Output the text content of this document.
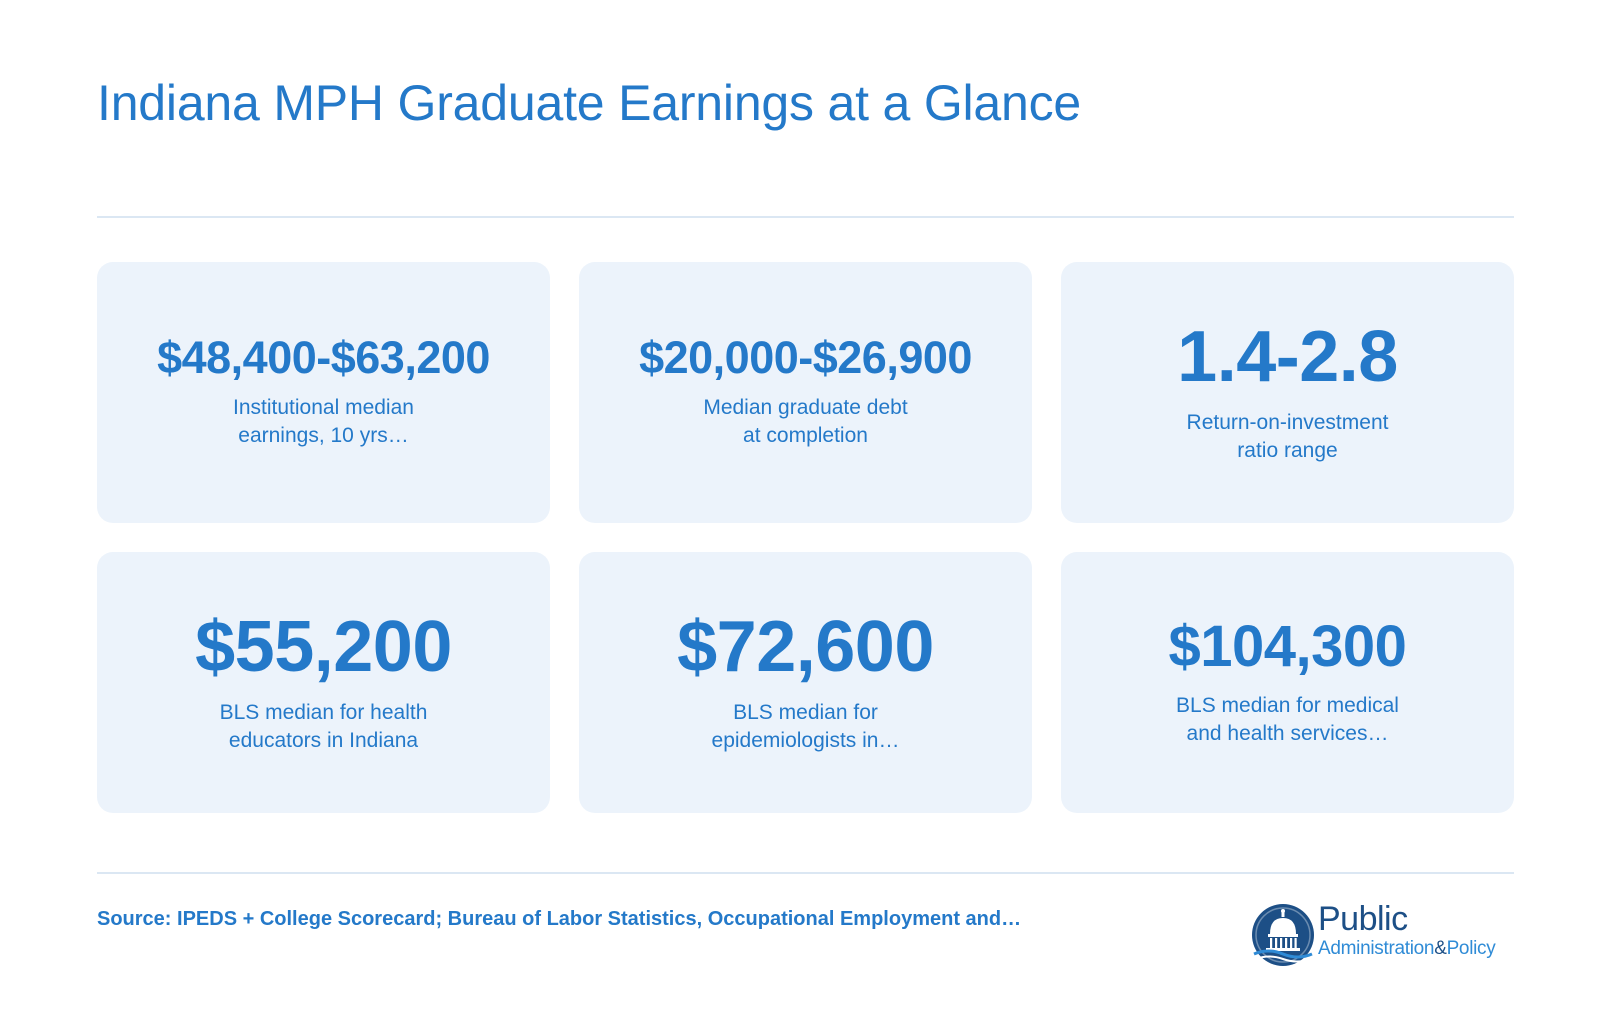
Indiana MPH Graduate Earnings at a Glance
$48,400-$63,200
Institutional median
earnings, 10 yrs…
$20,000-$26,900
Median graduate debt
at completion
1.4-2.8
Return-on-investment
ratio range
$55,200
BLS median for health
educators in Indiana
$72,600
BLS median for
epidemiologists in…
$104,300
BLS median for medical
and health services…
Source: IPEDS + College Scorecard; Bureau of Labor Statistics, Occupational Employment and…	Public
Administration&Policy
